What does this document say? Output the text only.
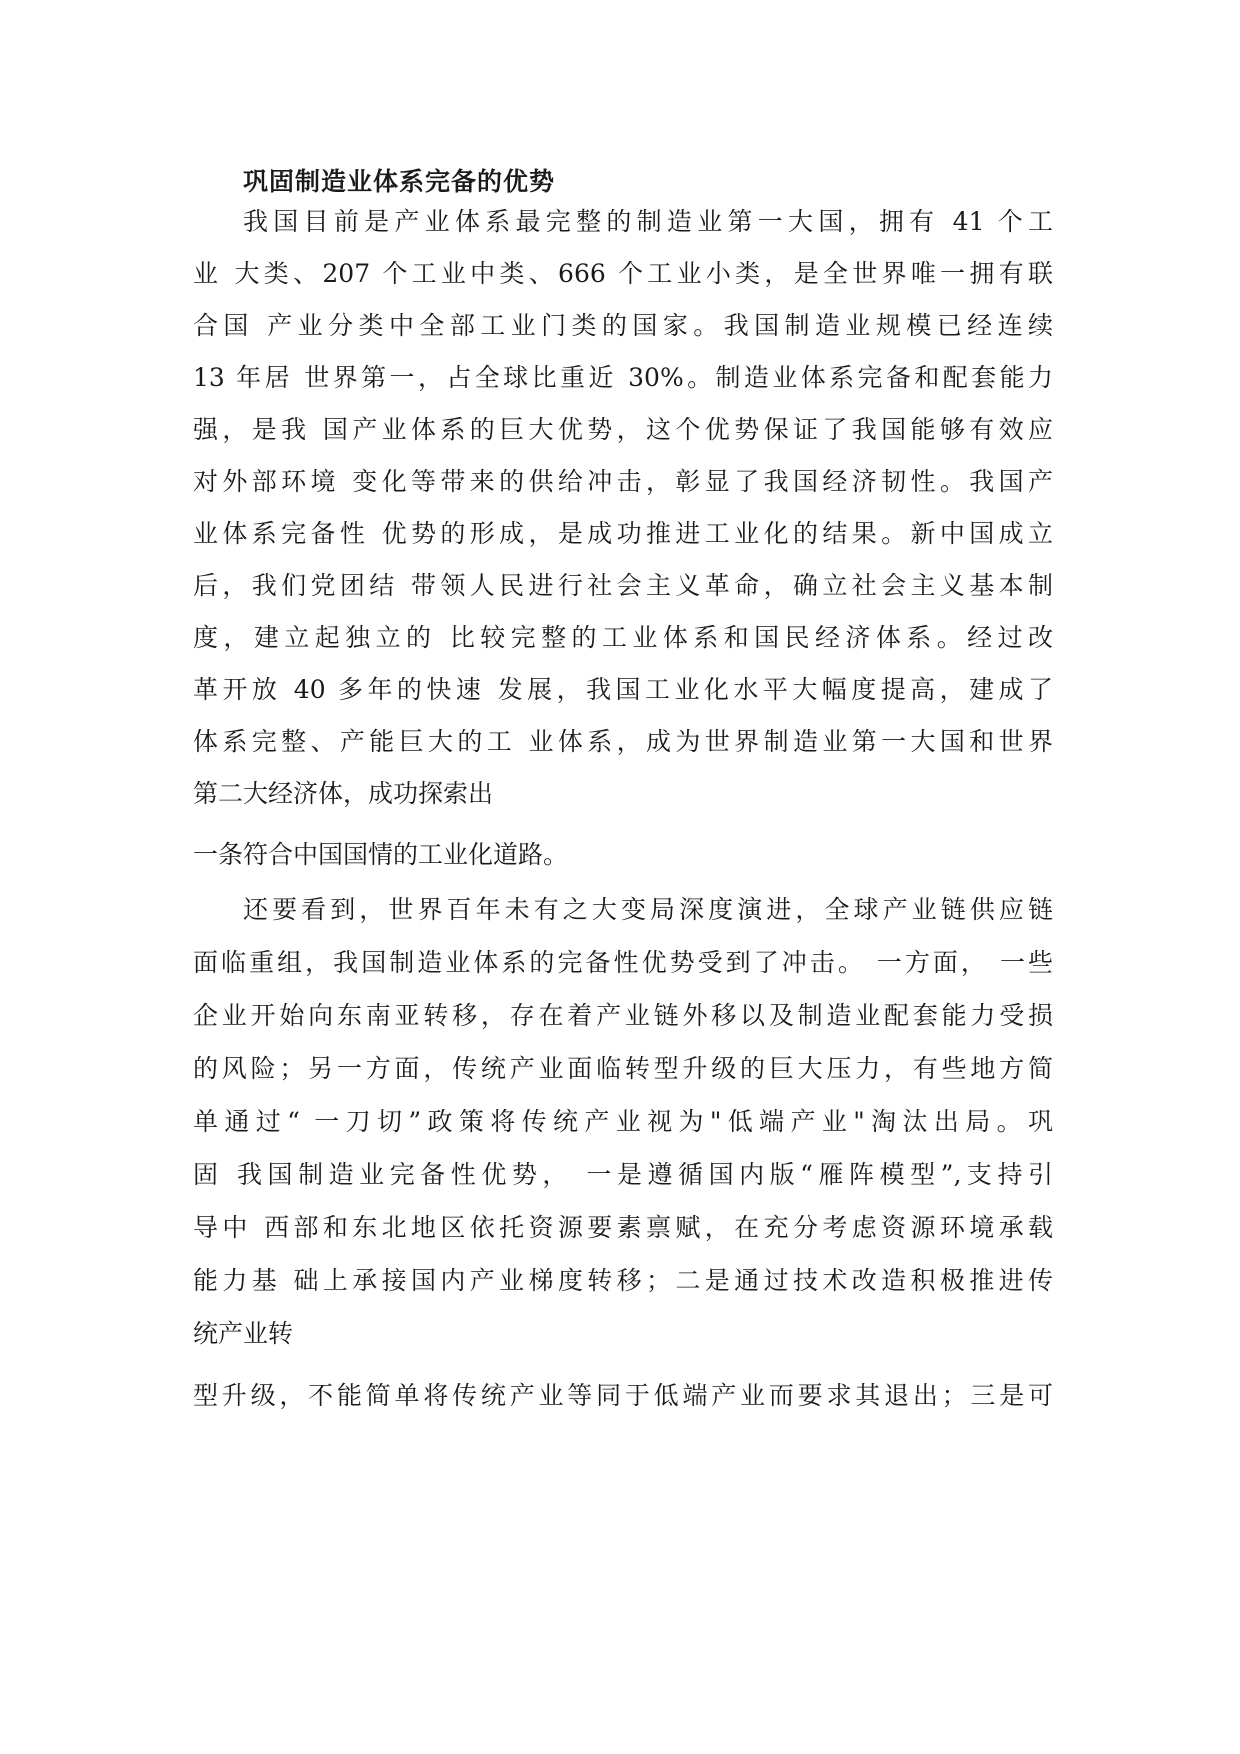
巩固制造业体系完备的优势
我国目前是产业体系最完整的制造业第一大国，拥有 41 个工
业 大类、207 个工业中类、666 个工业小类，是全世界唯一拥有联
合国 产业分类中全部工业门类的国家。我国制造业规模已经连续
13 年居 世界第一，占全球比重近 30%。制造业体系完备和配套能力
强，是我 国产业体系的巨大优势，这个优势保证了我国能够有效应
对外部环境 变化等带来的供给冲击，彰显了我国经济韧性。我国产
业体系完备性 优势的形成，是成功推进工业化的结果。新中国成立
后，我们党团结 带领人民进行社会主义革命，确立社会主义基本制
度，建立起独立的 比较完整的工业体系和国民经济体系。经过改
革开放 40 多年的快速 发展，我国工业化水平大幅度提高，建成了
体系完整、产能巨大的工 业体系，成为世界制造业第一大国和世界
第二大经济体，成功探索出
一条符合中国国情的工业化道路。
还要看到，世界百年未有之大变局深度演进，全球产业链供应链
面临重组，我国制造业体系的完备性优势受到了冲击。 一方面， 一些
企业开始向东南亚转移，存在着产业链外移以及制造业配套能力受损
的风险；另一方面，传统产业面临转型升级的巨大压力，有些地方简
单通过“ 一刀切”政策将传统产业视为"低端产业"淘汰出局。巩
固 我国制造业完备性优势， 一是遵循国内版“雁阵模型”,支持引
导中 西部和东北地区依托资源要素禀赋，在充分考虑资源环境承载
能力基 础上承接国内产业梯度转移；二是通过技术改造积极推进传
统产业转
型升级，不能简单将传统产业等同于低端产业而要求其退出；三是可
